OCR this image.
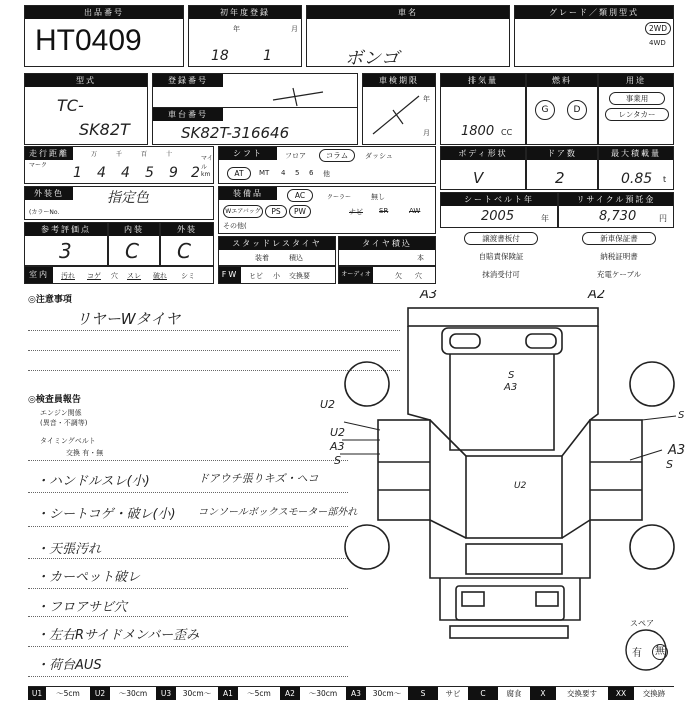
出品番号
HT0409
初年度登録
年	月
18 1
車名
ボンゴ
グレード／類別型式
2WD
4WD
型式
TC-
SK82T
登録番号
車台番号
SK82T-316646
車検期限
年
月
排気量
1800 CC
燃料
G	D
用途
事業用
レンタカー
走行距離
マーク
万	千	百	十
1 4 4 5 9 2
マイル km
シフト	フロア	コラム	ダッシュ
AT	MT 4 5 6 他
ボディ形状
V
ドア数
2
最大積載量
0.85 t
外装色	指定色
(カラーNo.
装備品	AC	クーラー	無し
Wエアバッグ	PS	PW	ナビ SR	AW
その他(
シートベルト年
2005	年
リサイクル預託金
8,730	円
参考評価点
3
内装
C
外装
C	スタッドレスタイヤ
装着	積込
タイヤ積込
本
譲渡書板付
自賠責保険証
抹消受付可
新車保証書
納税証明書
充電ケーブル
室内	汚れ コゲ 穴 スレ 破れ シミ	FW	ヒビ 小 交換要	オーディオ	欠 穴
◎注意事項
リヤーWタイヤ
◎検査員報告
エンジン関係
(異音・不調等)
タイミングベルト
交換 有・無
・ハンドルスレ(小)	ドアウチ張りキズ・ヘコ
・シートコゲ・破レ(小) コンソールボックスモーター部外れ
・天張汚れ
・カーペット破レ
・フロアサビ穴
・左右Rサイドメンバー歪み
・荷台AUS
A3	A2
U2
U2
A3
S
A3
S
S
S
U2
A3
スペア
有	無
U1	〜5cm	U2	〜30cm	U3	30cm〜	A1	〜5cm	A2	〜30cm	A3	30cm〜	S	サビ	C	腐食	X	交換要す	XX	交換跡
